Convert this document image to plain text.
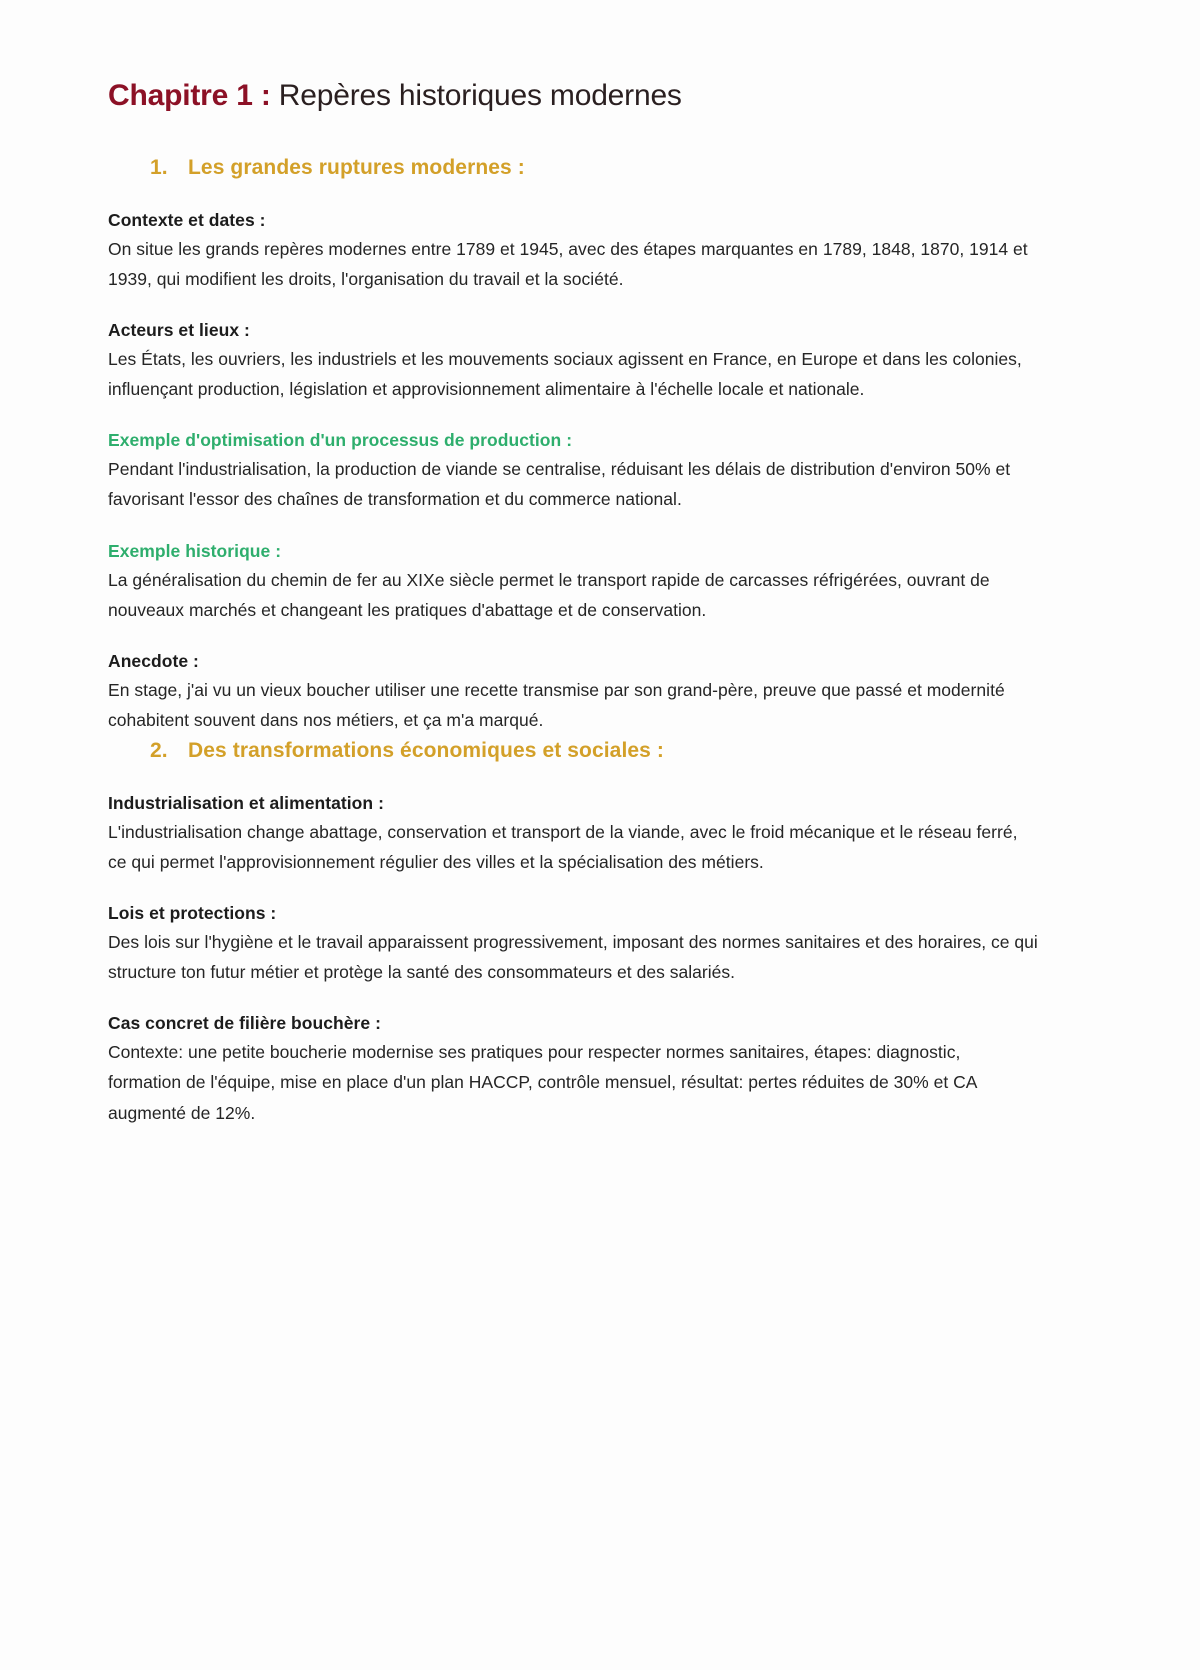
Chapitre 1 : Repères historiques modernes
1. Les grandes ruptures modernes :

Contexte et dates :

On situe les grands repères modernes entre 1789 et 1945, avec des étapes marquantes en 1789, 1848, 1870, 1914 et 1939, qui modifient les droits, l'organisation du travail et la société.

Acteurs et lieux :

Les États, les ouvriers, les industriels et les mouvements sociaux agissent en France, en Europe et dans les colonies, influençant production, législation et approvisionnement alimentaire à l'échelle locale et nationale.

Exemple d'optimisation d'un processus de production :

Pendant l'industrialisation, la production de viande se centralise, réduisant les délais de distribution d'environ 50% et favorisant l'essor des chaînes de transformation et du commerce national.

Exemple historique :

La généralisation du chemin de fer au XIXe siècle permet le transport rapide de carcasses réfrigérées, ouvrant de nouveaux marchés et changeant les pratiques d'abattage et de conservation.

Anecdote :

En stage, j'ai vu un vieux boucher utiliser une recette transmise par son grand-père, preuve que passé et modernité cohabitent souvent dans nos métiers, et ça m'a marqué.

2. Des transformations économiques et sociales :

Industrialisation et alimentation :

L'industrialisation change abattage, conservation et transport de la viande, avec le froid mécanique et le réseau ferré, ce qui permet l'approvisionnement régulier des villes et la spécialisation des métiers.

Lois et protections :

Des lois sur l'hygiène et le travail apparaissent progressivement, imposant des normes sanitaires et des horaires, ce qui structure ton futur métier et protège la santé des consommateurs et des salariés.

Cas concret de filière bouchère :

Contexte: une petite boucherie modernise ses pratiques pour respecter normes sanitaires, étapes: diagnostic, formation de l'équipe, mise en place d'un plan HACCP, contrôle mensuel, résultat: pertes réduites de 30% et CA augmenté de 12%.
